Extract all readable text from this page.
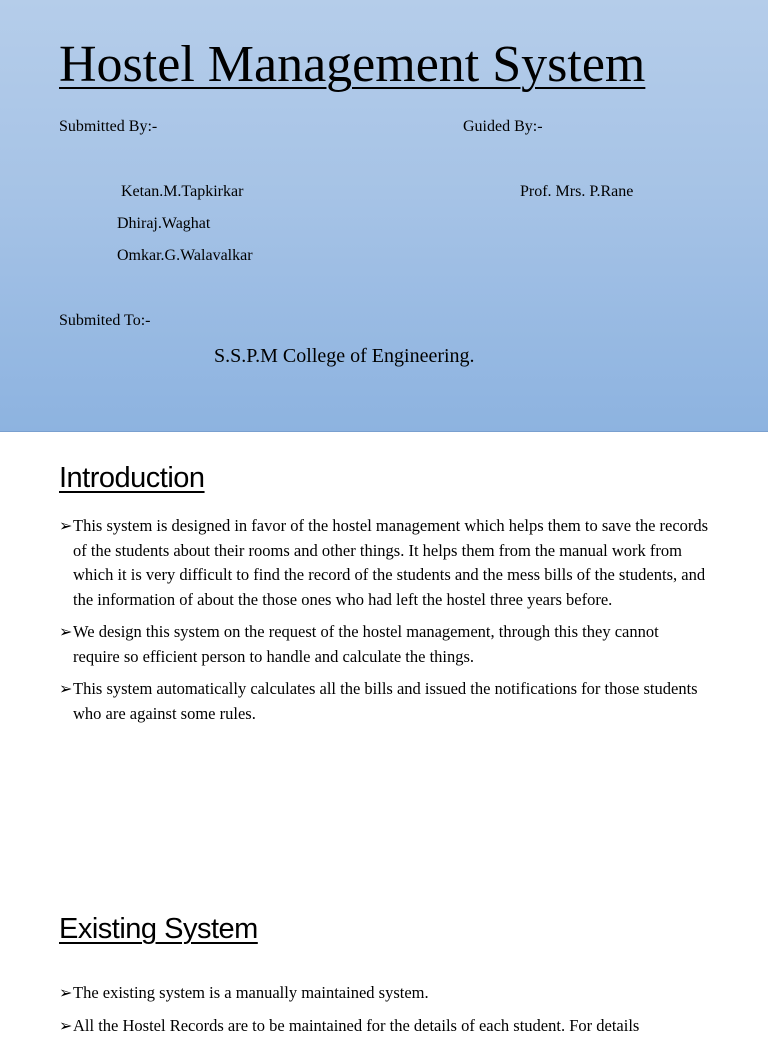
Hostel Management System
Submitted By:-	Guided By:-
Ketan.M.Tapkirkar
Dhiraj.Waghat
Omkar.G.Walavalkar
Prof. Mrs. P.Rane
Submited To:-
S.S.P.M College of Engineering.
Introduction
➢ This system is designed in favor of the hostel management which helps them to save the records of the students about their rooms and other things. It helps them from the manual work from which it is very difficult to find the record of the students and the mess bills of the students, and the information of about the those ones who had left the hostel three years before.
➢ We design this system on the request of the hostel management, through this they cannot require so efficient person to handle and calculate the things.
➢ This system automatically calculates all the bills and issued the notifications for those students who are against some rules.
Existing System
➢ The existing system is a manually maintained system.
➢ All the Hostel Records are to be maintained for the details of each student. For details
